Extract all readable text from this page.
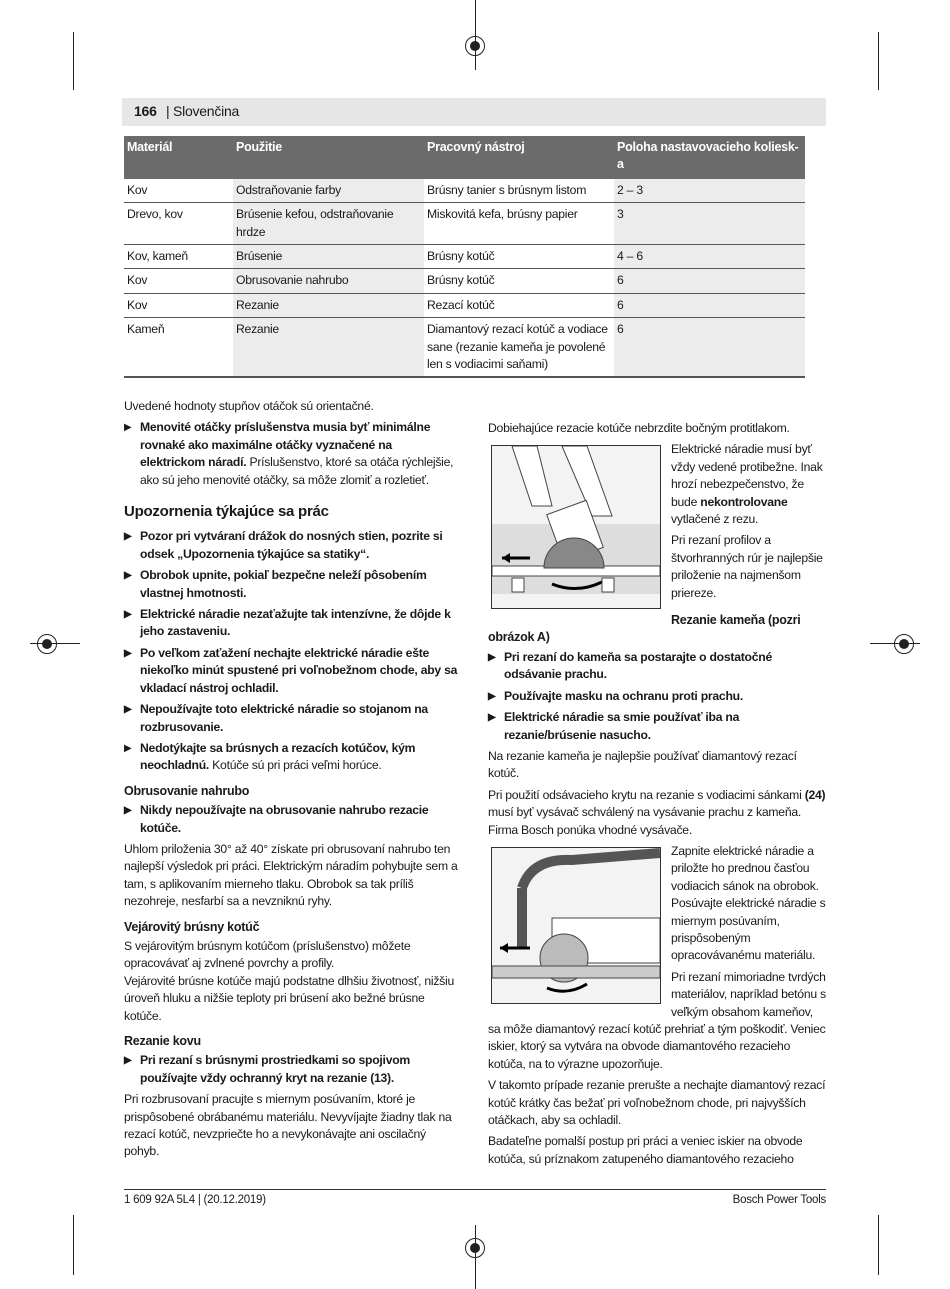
166 | Slovenčina
Materiál	Použitie	Pracovný nástroj	Poloha nastavovacieho kolieska
Kov	Odstraňovanie farby	Brúsny tanier s brúsnym listom	2 – 3
Drevo, kov	Brúsenie kefou, odstraňovanie hrdze	Miskovitá kefa, brúsny papier	3
Kov, kameň	Brúsenie	Brúsny kotúč	4 – 6
Kov	Obrusovanie nahrubo	Brúsny kotúč	6
Kov	Rezanie	Rezací kotúč	6
Kameň	Rezanie	Diamantový rezací kotúč a vodiace sane (rezanie kameňa je povolené len s vodiacimi saňami)	6

Uvedené hodnoty stupňov otáčok sú orientačné.

▶ Menovité otáčky príslušenstva musia byť minimálne rovnaké ako maximálne otáčky vyznačené na elektrickom náradí. Príslušenstvo, ktoré sa otáča rýchlejšie, ako sú jeho menovité otáčky, sa môže zlomiť a rozletieť.
Upozornenia týkajúce sa prác
▶ Pozor pri vytváraní drážok do nosných stien, pozrite si odsek „Upozornenia týkajúce sa statiky“.
▶ Obrobok upnite, pokiaľ bezpečne neleží pôsobením vlastnej hmotnosti.
▶ Elektrické náradie nezaťažujte tak intenzívne, že dôjde k jeho zastaveniu.
▶ Po veľkom zaťažení nechajte elektrické náradie ešte niekoľko minút spustené pri voľnobežnom chode, aby sa vkladací nástroj ochladil.
▶ Nepoužívajte toto elektrické náradie so stojanom na rozbrusovanie.
▶ Nedotýkajte sa brúsnych a rezacích kotúčov, kým neochladnú. Kotúče sú pri práci veľmi horúce.
Obrusovanie nahrubo
▶ Nikdy nepoužívajte na obrusovanie nahrubo rezacie kotúče.

Uhlom priloženia 30° až 40° získate pri obrusovaní nahrubo ten najlepší výsledok pri práci. Elektrickým náradím pohybujte sem a tam, s aplikovaním mierneho tlaku. Obrobok sa tak príliš nezohreje, nesfarbí sa a nevzniknú ryhy.

Vejárovitý brúsny kotúč

S vejárovitým brúsnym kotúčom (príslušenstvo) môžete opracovávať aj zvlnené povrchy a profily.

Vejárovité brúsne kotúče majú podstatne dlhšiu životnosť, nižšiu úroveň hluku a nižšie teploty pri brúsení ako bežné brúsne kotúče.

Rezanie kovu
▶ Pri rezaní s brúsnymi prostriedkami so spojivom používajte vždy ochranný kryt na rezanie (13).

Pri rozbrusovaní pracujte s miernym posúvaním, ktoré je prispôsobené obrábanému materiálu. Nevyvíjajte žiadny tlak na rezací kotúč, nevzpriečte ho a nevykonávajte ani oscilačný pohyb.

Dobiehajúce rezacie kotúče nebrzdite bočným protitlakom.

Elektrické náradie musí byť vždy vedené protibežne. Inak hrozí nebezpečenstvo, že bude nekontrolovane vytlačené z rezu.

Pri rezaní profilov a štvorhranných rúr je najlepšie priloženie na najmenšom priereze.

Rezanie kameňa (pozri obrázok A)
▶ Pri rezaní do kameňa sa postarajte o dostatočné odsávanie prachu.
▶ Používajte masku na ochranu proti prachu.
▶ Elektrické náradie sa smie používať iba na rezanie/brúsenie nasucho.

Na rezanie kameňa je najlepšie používať diamantový rezací kotúč.

Pri použití odsávacieho krytu na rezanie s vodiacimi sánkami (24) musí byť vysávač schválený na vysávanie prachu z kameňa. Firma Bosch ponúka vhodné vysávače.

Zapnite elektrické náradie a priložte ho prednou časťou vodiacich sánok na obrobok. Posúvajte elektrické náradie s miernym posúvaním, prispôsobeným opracovávanému materiálu.

Pri rezaní mimoriadne tvrdých materiálov, napríklad betónu s veľkým obsahom kameňov, sa môže diamantový rezací kotúč prehriať a tým poškodiť. Veniec iskier, ktorý sa vytvára na obvode diamantového rezacieho kotúča, na to výrazne upozorňuje.

V takomto prípade rezanie prerušte a nechajte diamantový rezací kotúč krátky čas bežať pri voľnobežnom chode, pri najvyšších otáčkach, aby sa ochladil.

Badateľne pomalší postup pri práci a veniec iskier na obvode kotúča, sú príznakom zatupeného diamantového rezacieho

1 609 92A 5L4 | (20.12.2019)	Bosch Power Tools
